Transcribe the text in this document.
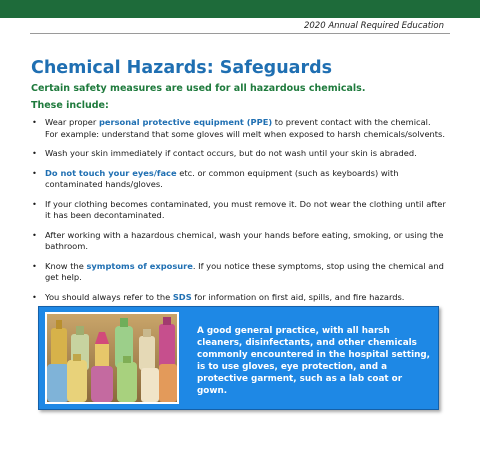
2020 Annual Required Education
Chemical Hazards: Safeguards
Certain safety measures are used for all hazardous chemicals.
These include:
• Wear proper personal protective equipment (PPE) to prevent contact with the chemical. For example: understand that some gloves will melt when exposed to harsh chemicals/solvents.
• Wash your skin immediately if contact occurs, but do not wash until your skin is abraded.
• Do not touch your eyes/face etc. or common equipment (such as keyboards) with contaminated hands/gloves.
• If your clothing becomes contaminated, you must remove it. Do not wear the clothing until after it has been decontaminated.
• After working with a hazardous chemical, wash your hands before eating, smoking, or using the bathroom.
• Know the symptoms of exposure. If you notice these symptoms, stop using the chemical and get help.
• You should always refer to the SDS for information on first aid, spills, and fire hazards.
A good general practice, with all harsh cleaners, disinfectants, and other chemicals commonly encountered in the hospital setting, is to use gloves, eye protection, and a protective garment, such as a lab coat or gown.
